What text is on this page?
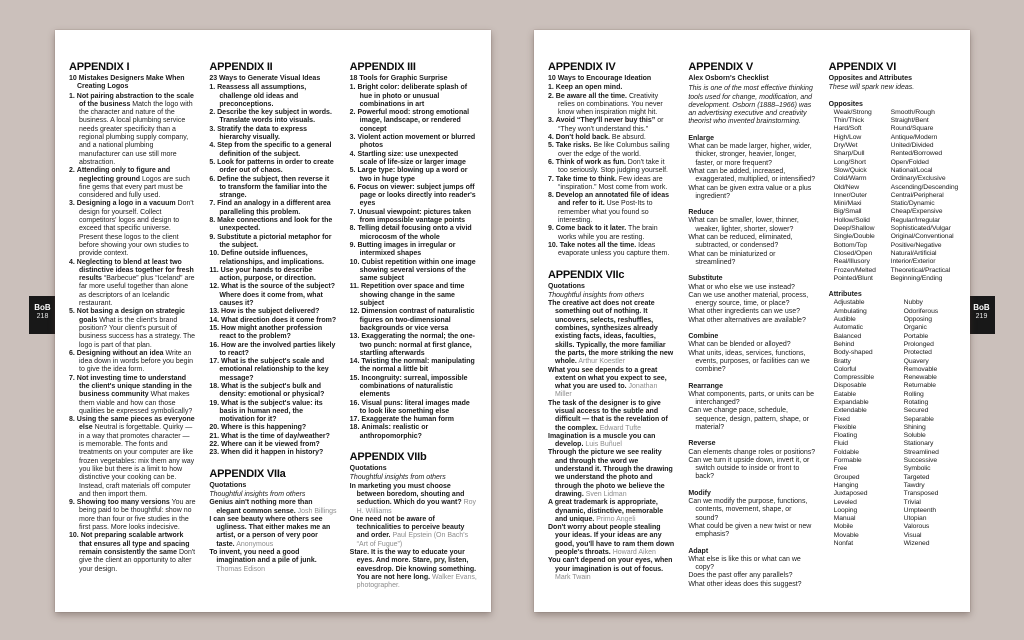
BoB
218
BoB
219
APPENDIX I
10 Mistakes Designers Make When Creating Logos
1. Not pairing abstraction to the scale of the business Match the logo with the character and nature of the business. A local plumbing service needs greater specificity than a regional plumbing supply company, and a national plumbing manufacturer can use still more abstraction.
2. Attending only to figure and neglecting ground Logos are such fine gems that every part must be considered and fully used.
3. Designing a logo in a vacuum Don't design for yourself. Collect competitors' logos and design to exceed that specific universe. Present these logos to the client before showing your own studies to provide context.
4. Neglecting to blend at least two distinctive ideas together for fresh results “Barbecue” plus “Iceland” are far more useful together than alone as descriptors of an Icelandic restaurant.
5. Not basing a design on strategic goals What is the client's brand position? Your client's pursuit of business success has a strategy. The logo is part of that plan.
6. Designing without an idea Write an idea down in words before you begin to give the idea form.
7. Not investing time to understand the client's unique standing in the business community What makes them viable and how can those qualities be expressed symbolically?
8. Using the same pieces as everyone else Neutral is forgettable. Quirky — in a way that promotes character — is memorable. The fonts and treatments on your computer are like frozen vegetables: mix them any way you like but there is a limit to how distinctive your cooking can be. Instead, craft materials off computer and then import them.
9. Showing too many versions You are being paid to be thoughtful: show no more than four or five studies in the first pass. More looks indecisive.
10. Not preparing scalable artwork that ensures all type and spacing remain consistently the same Don't give the client an opportunity to alter your design.
APPENDIX II
23 Ways to Generate Visual Ideas
1. Reassess all assumptions, challenge old ideas and preconceptions.
2. Describe the key subject in words. Translate words into visuals.
3. Stratify the data to express hierarchy visually.
4. Step from the specific to a general definition of the subject.
5. Look for patterns in order to create order out of chaos.
6. Define the subject, then reverse it to transform the familiar into the strange.
7. Find an analogy in a different area paralleling this problem.
8. Make connections and look for the unexpected.
9. Substitute a pictorial metaphor for the subject.
10. Define outside influences, relationships, and implications.
11. Use your hands to describe action, purpose, or direction.
12. What is the source of the subject? Where does it come from, what causes it?
13. How is the subject delivered?
14. What direction does it come from?
15. How might another profession react to the problem?
16. How are the involved parties likely to react?
17. What is the subject's scale and emotional relationship to the key message?
18. What is the subject's bulk and density: emotional or physical?
19. What is the subject's value: its basis in human need, the motivation for it?
20. Where is this happening?
21. What is the time of day/weather?
22. Where can it be viewed from?
23. When did it happen in history?
APPENDIX VIIa
Quotations
Thoughtful insights from others
Genius ain't nothing more than elegant common sense. Josh Billings
I can see beauty where others see ugliness. That either makes me an artist, or a person of very poor taste. Anonymous
To invent, you need a good imagination and a pile of junk. Thomas Edison
APPENDIX III
18 Tools for Graphic Surprise
1. Bright color: deliberate splash of hue in photo or unusual combinations in art
2. Powerful mood: strong emotional image, landscape, or rendered concept
3. Violent action movement or blurred photos
4. Startling size: use unexpected scale of life-size or larger image
5. Large type: blowing up a word or two in huge type
6. Focus on viewer: subject jumps off page or looks directly into reader's eyes
7. Unusual viewpoint: pictures taken from impossible vantage points
8. Telling detail focusing onto a vivid microcosm of the whole
9. Butting images in irregular or intermixed shapes
10. Cubist repetition within one image showing several versions of the same subject
11. Repetition over space and time showing change in the same subject
12. Dimension contrast of naturalistic figures on two-dimensional backgrounds or vice versa
13. Exaggerating the normal; the one-two punch: normal at first glance, startling afterwards
14. Twisting the normal: manipulating the normal a little bit
15. Incongruity: surreal, impossible combinations of naturalistic elements
16. Visual puns: literal images made to look like something else
17. Exaggerate the human form
18. Animals: realistic or anthropomorphic?
APPENDIX VIIb
Quotations
Thoughtful insights from others
In marketing you must choose between boredom, shouting and seduction. Which do you want? Roy H. Williams
One need not be aware of technicalities to perceive beauty and order. Paul Epstein (On Bach's “Art of Fugue”)
Stare. It is the way to educate your eyes. And more. Stare, pry, listen, eavesdrop. Die knowing something. You are not here long. Walker Evans, photographer.
APPENDIX IV
10 Ways to Encourage Ideation
1. Keep an open mind.
2. Be aware all the time. Creativity relies on combinations. You never know when inspiration might hit.
3. Avoid “They'll never buy this” or “They won't understand this.”
4. Don't hold back. Be absurd.
5. Take risks. Be like Columbus sailing over the edge of the world.
6. Think of work as fun. Don't take it too seriously. Stop judging yourself.
7. Take time to think. Few ideas are “inspiration.” Most come from work.
8. Develop an annotated file of ideas and refer to it. Use Post-Its to remember what you found so interesting.
9. Come back to it later. The brain works while you are resting.
10. Take notes all the time. Ideas evaporate unless you capture them.
APPENDIX VIIc
Quotations
Thoughtful insights from others
The creative act does not create something out of nothing. It uncovers, selects, reshuffles, combines, synthesizes already existing facts, ideas, faculties, skills. Typically, the more familiar the parts, the more striking the new whole. Arthur Koestler
What you see depends to a great extent on what you expect to see, what you are used to. Jonathan Miller
The task of the designer is to give visual access to the subtle and difficult — that is the revelation of the complex. Edward Tufte
Imagination is a muscle you can develop. Luis Buñuel
Through the picture we see reality and through the word we understand it. Through the drawing we understand the photo and through the photo we believe the drawing. Sven Lidman
A great trademark is appropriate, dynamic, distinctive, memorable and unique. Primo Angeli
Don't worry about people stealing your ideas. If your ideas are any good, you'll have to ram them down people's throats. Howard Aiken
You can't depend on your eyes, when your imagination is out of focus. Mark Twain
APPENDIX V
Alex Osborn's Checklist
This is one of the most effective thinking tools used for change, modification, and development. Osborn (1888–1966) was an advertising executive and creativity theorist who invented brainstorming.
Enlarge
What can be made larger, higher, wider, thicker, stronger, heavier, longer, faster, or more frequent?
What can be added, increased, exaggerated, multiplied, or intensified?
What can be given extra value or a plus ingredient?
Reduce
What can be smaller, lower, thinner, weaker, lighter, shorter, slower?
What can be reduced, eliminated, subtracted, or condensed?
What can be miniaturized or streamlined?
Substitute
What or who else we use instead?
Can we use another material, process, energy source, time, or place?
What other ingredients can we use?
What other alternatives are available?
Combine
What can be blended or alloyed?
What units, ideas, services, functions, events, purposes, or facilities can we combine?
Rearrange
What components, parts, or units can be interchanged?
Can we change pace, schedule, sequence, design, pattern, shape, or material?
Reverse
Can elements change roles or positions?
Can we turn it upside down, invert it, or switch outside to inside or front to back?
Modify
Can we modify the purpose, functions, contents, movement, shape, or sound?
What could be given a new twist or new emphasis?
Adapt
What else is like this or what can we copy?
Does the past offer any parallels?
What other ideas does this suggest?
APPENDIX VI
Opposites and Attributes
These will spark new ideas.
Opposites
Weak/Strong
Thin/Thick
Hard/Soft
High/Low
Dry/Wet
Sharp/Dull
Long/Short
Slow/Quick
Cold/Warm
Old/New
Inner/Outer
Mini/Maxi
Big/Small
Hollow/Solid
Deep/Shallow
Single/Double
Bottom/Top
Closed/Open
Real/Illusory
Frozen/Melted
Pointed/Blunt
Smooth/Rough
Straight/Bent
Round/Square
Antique/Modern
United/Divided
Rented/Borrowed
Open/Folded
National/Local
Ordinary/Exclusive
Ascending/Descending
Central/Peripheral
Static/Dynamic
Cheap/Expensive
Regular/Irregular
Sophisticated/Vulgar
Original/Conventional
Positive/Negative
Natural/Artificial
Interior/Exterior
Theoretical/Practical
Beginning/Ending
Attributes
Adjustable
Ambulating
Audible
Automatic
Balanced
Behind
Body-shaped
Bratty
Colorful
Compressible
Disposable
Eatable
Expandable
Extendable
Fixed
Flexible
Floating
Fluid
Foldable
Formable
Free
Grouped
Hanging
Juxtaposed
Leveled
Looping
Manual
Mobile
Movable
Nonfat
Nubby
Odoriferous
Opposing
Organic
Portable
Prolonged
Protected
Quavery
Removable
Renewable
Returnable
Rolling
Rotating
Secured
Separable
Shining
Soluble
Stationary
Streamlined
Successive
Symbolic
Targeted
Tawdry
Transposed
Trivial
Umpteenth
Utopian
Valorous
Visual
Wizened
